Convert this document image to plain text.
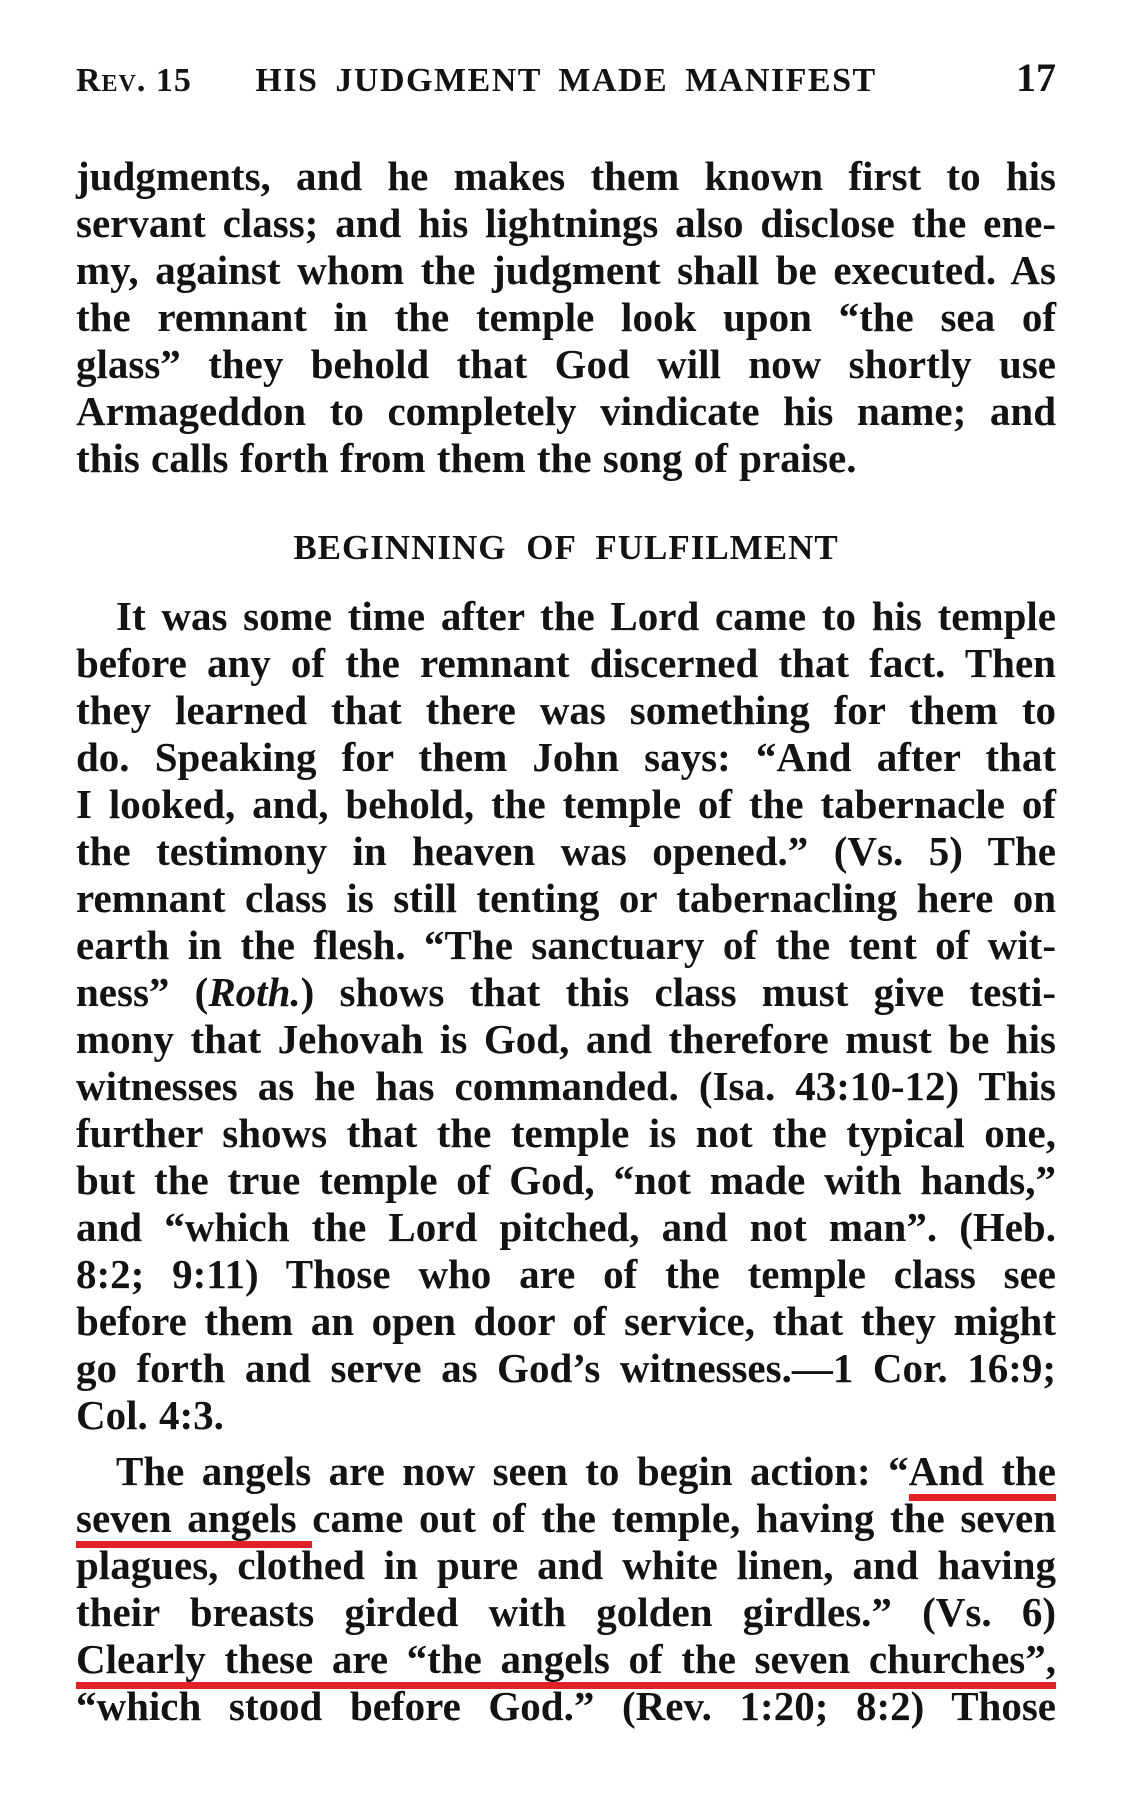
Rev. 15	HIS JUDGMENT MADE MANIFEST	17
judgments, and he makes them known first to his
servant class; and his lightnings also disclose the ene-
my, against whom the judgment shall be executed. As
the remnant in the temple look upon “the sea of
glass” they behold that God will now shortly use
Armageddon to completely vindicate his name; and
this calls forth from them the song of praise.
BEGINNING OF FULFILMENT
It was some time after the Lord came to his temple
before any of the remnant discerned that fact. Then
they learned that there was something for them to
do. Speaking for them John says: “And after that
I looked, and, behold, the temple of the tabernacle of
the testimony in heaven was opened.” (Vs. 5) The
remnant class is still tenting or tabernacling here on
earth in the flesh. “The sanctuary of the tent of wit-
ness” (Roth.) shows that this class must give testi-
mony that Jehovah is God, and therefore must be his
witnesses as he has commanded. (Isa. 43:10-12) This
further shows that the temple is not the typical one,
but the true temple of God, “not made with hands,”
and “which the Lord pitched, and not man”. (Heb.
8:2; 9:11) Those who are of the temple class see
before them an open door of service, that they might
go forth and serve as God’s witnesses.—1 Cor. 16:9;
Col. 4:3.
The angels are now seen to begin action: “And the
seven angels came out of the temple, having the seven
plagues, clothed in pure and white linen, and having
their breasts girded with golden girdles.” (Vs. 6)
Clearly these are “the angels of the seven churches”,
“which stood before God.” (Rev. 1:20; 8:2) Those
